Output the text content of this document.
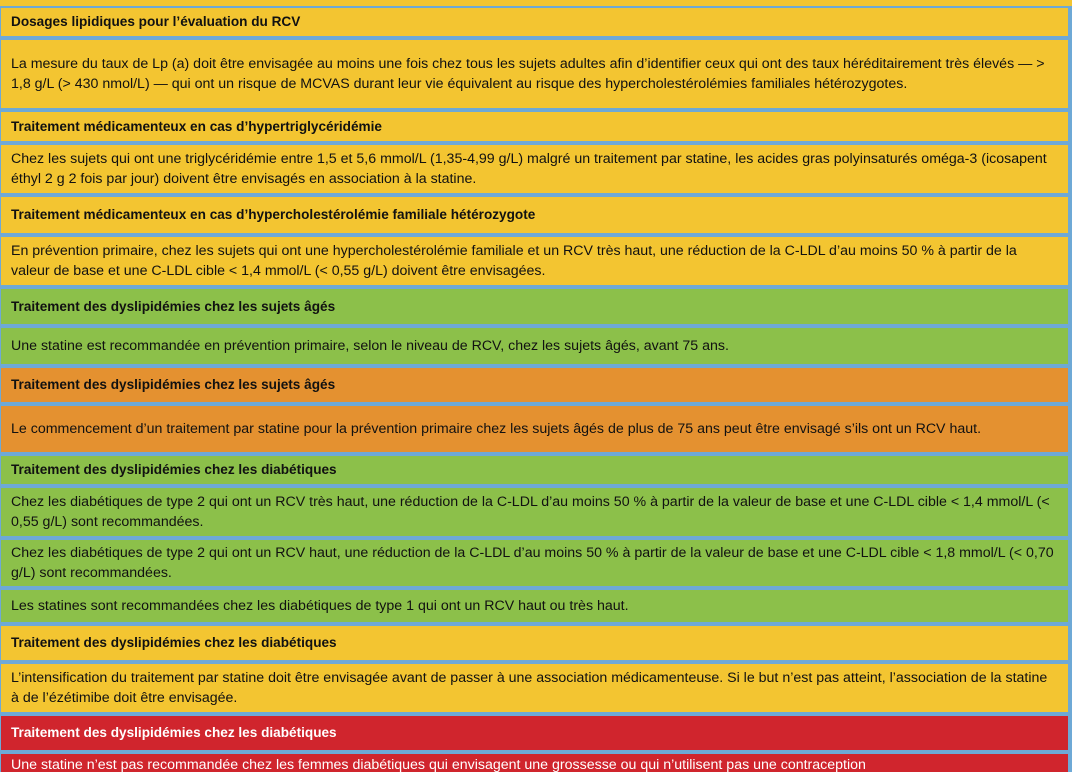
Dosages lipidiques pour l’évaluation du RCV
La mesure du taux de Lp (a) doit être envisagée au moins une fois chez tous les sujets adultes afin d’identifier ceux qui ont des taux héréditairement très élevés — > 1,8 g/L (> 430 nmol/L) — qui ont un risque de MCVAS durant leur vie équivalent au risque des hypercholestérolémies familiales hétérozygotes.
Traitement médicamenteux en cas d’hypertriglycéridémie
Chez les sujets qui ont une triglycéridémie entre 1,5 et 5,6 mmol/L (1,35-4,99 g/L) malgré un traitement par statine, les acides gras polyinsaturés oméga-3 (icosapent éthyl 2 g 2 fois par jour) doivent être envisagés en association à la statine.
Traitement médicamenteux en cas d’hypercholestérolémie familiale hétérozygote
En prévention primaire, chez les sujets qui ont une hypercholestérolémie familiale et un RCV très haut, une réduction de la C-LDL d’au moins 50 % à partir de la valeur de base et une C-LDL cible < 1,4 mmol/L (< 0,55 g/L) doivent être envisagées.
Traitement des dyslipidémies chez les sujets âgés
Une statine est recommandée en prévention primaire, selon le niveau de RCV, chez les sujets âgés, avant 75 ans.
Traitement des dyslipidémies chez les sujets âgés
Le commencement d’un traitement par statine pour la prévention primaire chez les sujets âgés de plus de 75 ans peut être envisagé s’ils ont un RCV haut.
Traitement des dyslipidémies chez les diabétiques
Chez les diabétiques de type 2 qui ont un RCV très haut, une réduction de la C-LDL d’au moins 50 % à partir de la valeur de base et une C-LDL cible < 1,4 mmol/L (< 0,55 g/L) sont recommandées.
Chez les diabétiques de type 2 qui ont un RCV haut, une réduction de la C-LDL d’au moins 50 % à partir de la valeur de base et une C-LDL cible < 1,8 mmol/L (< 0,70 g/L) sont recommandées.
Les statines sont recommandées chez les diabétiques de type 1 qui ont un RCV haut ou très haut.
Traitement des dyslipidémies chez les diabétiques
L’intensification du traitement par statine doit être envisagée avant de passer à une association médicamenteuse. Si le but n’est pas atteint, l’association de la statine à de l’ézétimibe doit être envisagée.
Traitement des dyslipidémies chez les diabétiques
Une statine n’est pas recommandée chez les femmes diabétiques qui envisagent une grossesse ou qui n’utilisent pas une contraception
